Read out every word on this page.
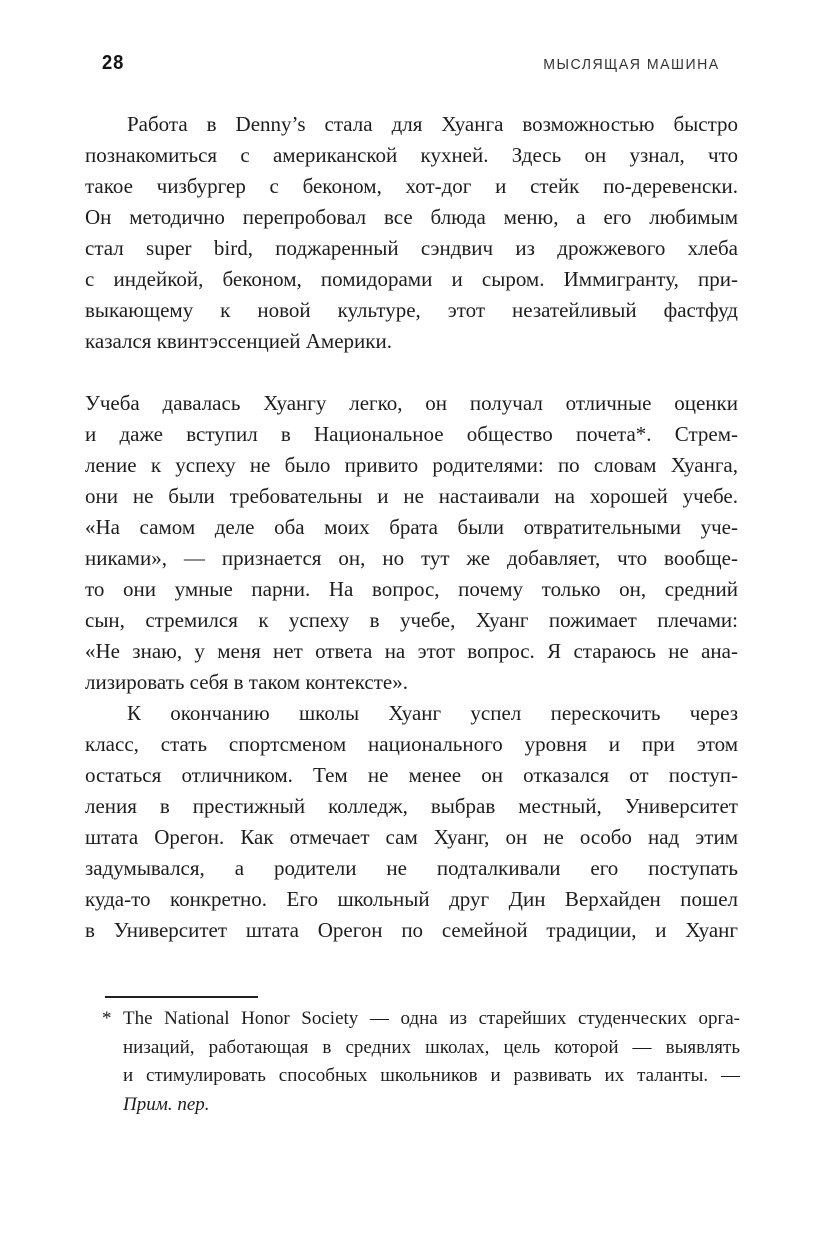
28	МЫСЛЯЩАЯ МАШИНА
Работа в Denny’s стала для Хуанга возможностью быстро
познакомиться с американской кухней. Здесь он узнал, что
такое чизбургер с беконом, хот-дог и стейк по-деревенски.
Он методично перепробовал все блюда меню, а его любимым
стал super bird, поджаренный сэндвич из дрожжевого хлеба
с индейкой, беконом, помидорами и сыром. Иммигранту, при-
выкающему к новой культуре, этот незатейливый фастфуд
казался квинтэссенцией Америки.
Учеба давалась Хуангу легко, он получал отличные оценки
и даже вступил в Национальное общество почета*. Стрем-
ление к успеху не было привито родителями: по словам Хуанга,
они не были требовательны и не настаивали на хорошей учебе.
«На самом деле оба моих брата были отвратительными уче-
никами», — признается он, но тут же добавляет, что вообще-
то они умные парни. На вопрос, почему только он, средний
сын, стремился к успеху в учебе, Хуанг пожимает плечами:
«Не знаю, у меня нет ответа на этот вопрос. Я стараюсь не ана-
лизировать себя в таком контексте».
К окончанию школы Хуанг успел перескочить через
класс, стать спортсменом национального уровня и при этом
остаться отличником. Тем не менее он отказался от поступ-
ления в престижный колледж, выбрав местный, Университет
штата Орегон. Как отмечает сам Хуанг, он не особо над этим
задумывался, а родители не подталкивали его поступать
куда-то конкретно. Его школьный друг Дин Верхайден пошел
в Университет штата Орегон по семейной традиции, и Хуанг
* The National Honor Society — одна из старейших студенческих орга-
низаций, работающая в средних школах, цель которой — выявлять
и стимулировать способных школьников и развивать их таланты. —
Прим. пер.
